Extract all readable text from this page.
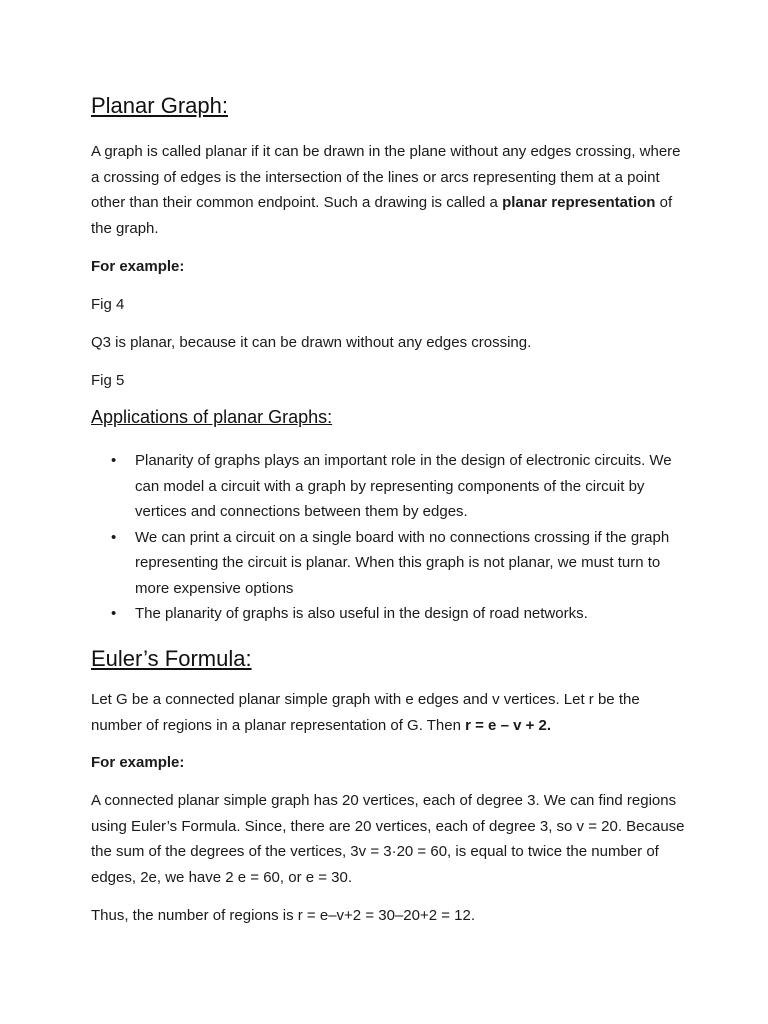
Planar Graph:

A graph is called planar if it can be drawn in the plane without any edges crossing, where a crossing of edges is the intersection of the lines or arcs representing them at a point other than their common endpoint. Such a drawing is called a planar representation of the graph.

For example:

Fig 4

Q3 is planar, because it can be drawn without any edges crossing.

Fig 5

Applications of planar Graphs:
• Planarity of graphs plays an important role in the design of electronic circuits. We can model a circuit with a graph by representing components of the circuit by vertices and connections between them by edges.
• We can print a circuit on a single board with no connections crossing if the graph representing the circuit is planar. When this graph is not planar, we must turn to more expensive options
• The planarity of graphs is also useful in the design of road networks.
Euler’s Formula:

Let G be a connected planar simple graph with e edges and v vertices. Let r be the number of regions in a planar representation of G. Then r = e – v + 2.

For example:

A connected planar simple graph has 20 vertices, each of degree 3. We can find regions using Euler’s Formula. Since, there are 20 vertices, each of degree 3, so v = 20. Because the sum of the degrees of the vertices, 3v = 3·20 = 60, is equal to twice the number of edges, 2e, we have 2 e = 60, or e = 30.

Thus, the number of regions is r = e–v+2 = 30–20+2 = 12.
